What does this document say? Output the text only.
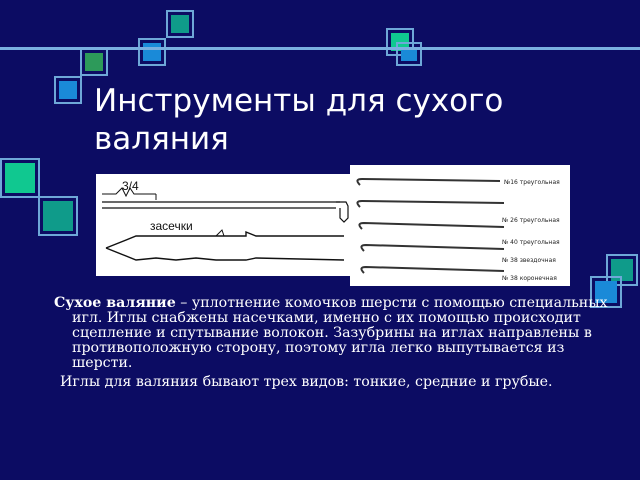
Инструменты для сухого валяния
3/4
засечки
№16 треугольная
№ 26 треугольная
№ 40 треугольная
№ 38 звездочная
№ 38 коронечная

Сухое валяние – уплотнение комочков шерсти с помощью специальных игл. Иглы снабжены насечками, именно с их помощью происходит сцепление и спутывание волокон. Зазубрины на иглах направлены в противоположную сторону, поэтому игла легко выпутывается из шерсти.

Иглы для валяния бывают трех видов: тонкие, средние и грубые.
